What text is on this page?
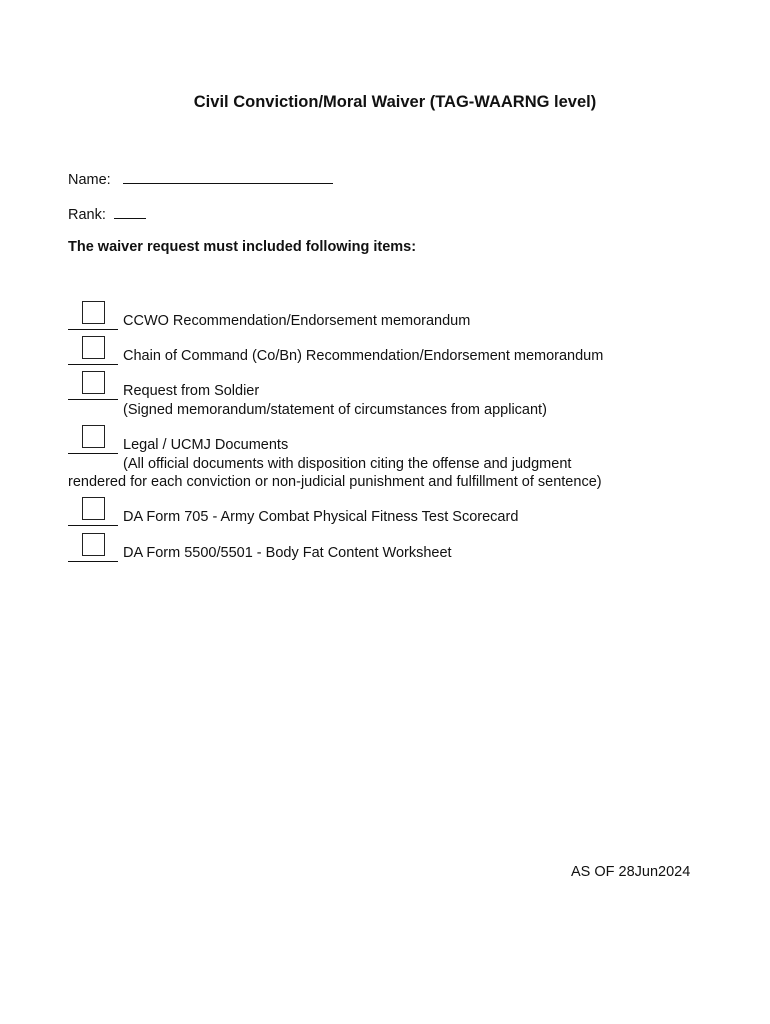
Civil Conviction/Moral Waiver (TAG-WAARNG level)
Name:
Rank:
The waiver request must included following items:
CCWO Recommendation/Endorsement memorandum
Chain of Command (Co/Bn) Recommendation/Endorsement memorandum
Request from Soldier
(Signed memorandum/statement of circumstances from applicant)
Legal / UCMJ Documents
(All official documents with disposition citing the offense and judgment
rendered for each conviction or non-judicial punishment and fulfillment of sentence)
DA Form 705 - Army Combat Physical Fitness Test Scorecard
DA Form 5500/5501 - Body Fat Content Worksheet
AS OF 28Jun2024
